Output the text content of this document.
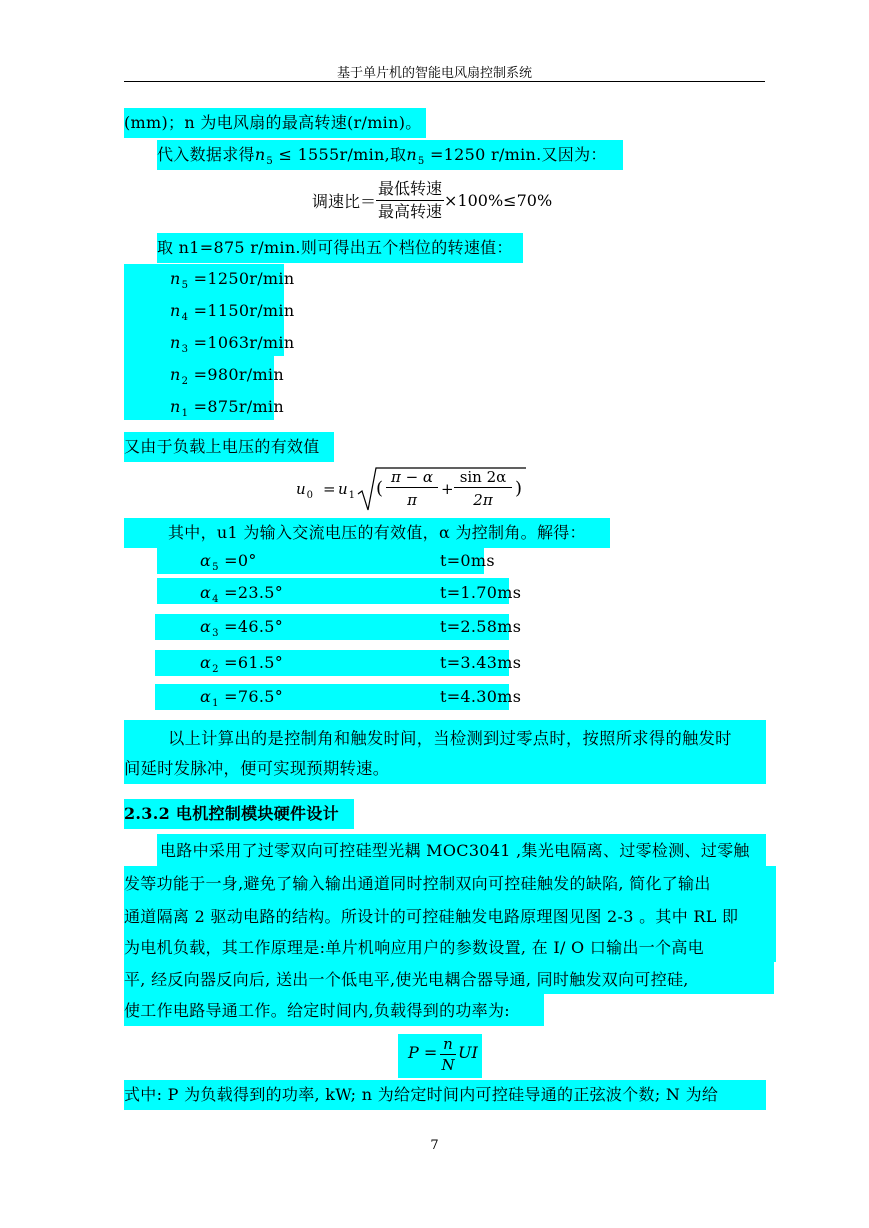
基于单片机的智能电风扇控制系统
(mm)；n 为电风扇的最高转速(r/min)。
代入数据求得$n_5 \le 1555r/\min$,取$n_5 =1250$ r/min.又因为：
调速比＝ $\frac{\text{最低转速}}{\text{最高转速}} \times 100\%\le 70\%$
取 n1=875 r/min.则可得出五个档位的转速值：
$n_5 =1250r/\min$
$n_4 =1150r/\min$
$n_3 =1063r/\min$
$n_2 =980r/\min$
$n_1 =875r/\min$
又由于负载上电压的有效值
$u_0 = u_1$ (
π − α
π
+
sin 2α
2π
)
其中，u1 为输入交流电压的有效值，α 为控制角。解得：
$\alpha_5 =0^\circ$	t=0ms
$\alpha_4 =23.5^\circ$	t=1.70ms
$\alpha_3 =46.5^\circ$	t=2.58ms
$\alpha_2 =61.5^\circ$	t=3.43ms
$\alpha_1 =76.5^\circ$	t=4.30ms
以上计算出的是控制角和触发时间，当检测到过零点时，按照所求得的触发时
间延时发脉冲，便可实现预期转速。
2.3.2 电机控制模块硬件设计
电路中采用了过零双向可控硅型光耦 MOC3041 ,集光电隔离、过零检测、过零触
发等功能于一身,避免了输入输出通道同时控制双向可控硅触发的缺陷, 简化了输出
通道隔离 2 驱动电路的结构。所设计的可控硅触发电路原理图见图 2-3 。其中 RL 即
为电机负载，其工作原理是:单片机响应用户的参数设置, 在 I/ O 口输出一个高电
平, 经反向器反向后, 送出一个低电平,使光电耦合器导通, 同时触发双向可控硅,
使工作电路导通工作。给定时间内,负载得到的功率为:
P = n
N
UI
式中: P 为负载得到的功率, kW; n 为给定时间内可控硅导通的正弦波个数; N 为给
7
